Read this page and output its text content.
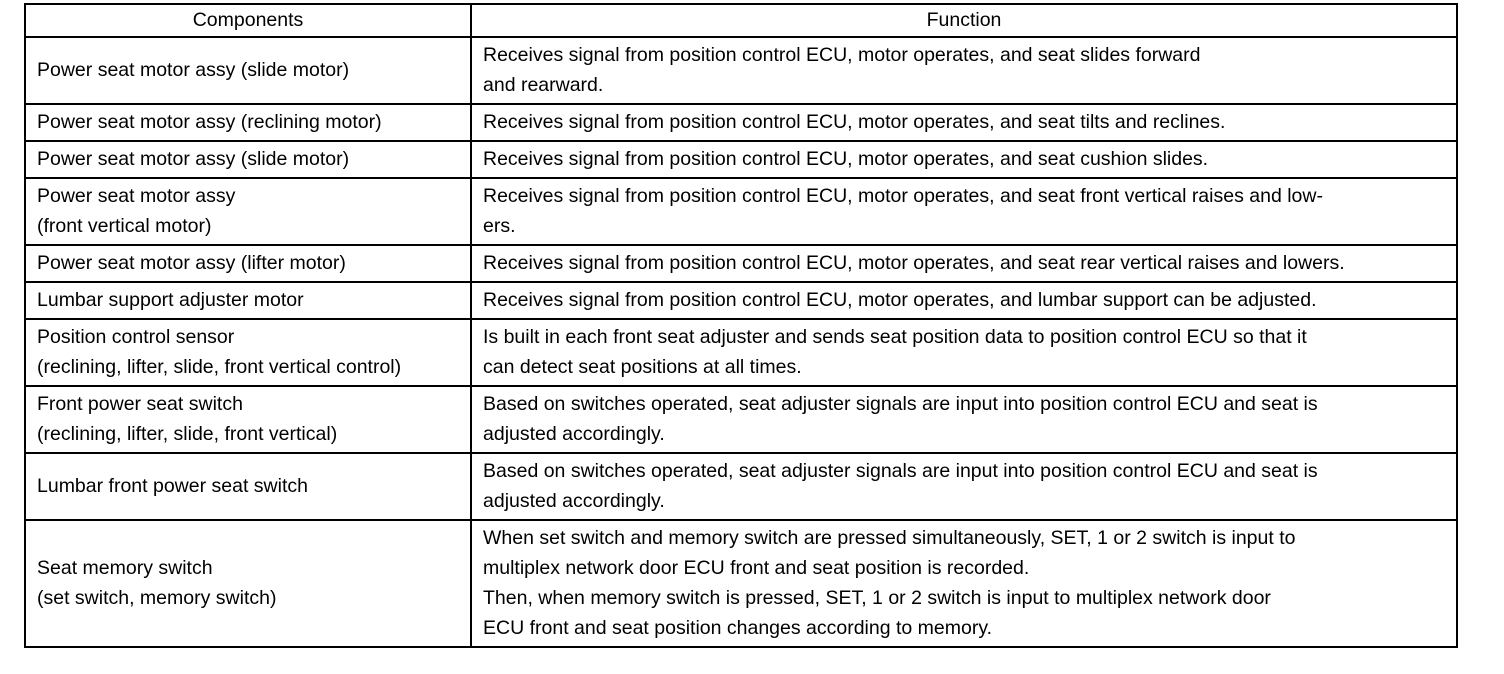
Components	Function

Power seat motor assy (slide motor)	Receives signal from position control ECU, motor operates, and seat slides forward
and rearward.

Power seat motor assy (reclining motor)	Receives signal from position control ECU, motor operates, and seat tilts and reclines.

Power seat motor assy (slide motor)	Receives signal from position control ECU, motor operates, and seat cushion slides.

Power seat motor assy
(front vertical motor)	Receives signal from position control ECU, motor operates, and seat front vertical raises and low-
ers.

Power seat motor assy (lifter motor)	Receives signal from position control ECU, motor operates, and seat rear vertical raises and lowers.

Lumbar support adjuster motor	Receives signal from position control ECU, motor operates, and lumbar support can be adjusted.

Position control sensor
(reclining, lifter, slide, front vertical control)	Is built in each front seat adjuster and sends seat position data to position control ECU so that it
can detect seat positions at all times.

Front power seat switch
(reclining, lifter, slide, front vertical)	Based on switches operated, seat adjuster signals are input into position control ECU and seat is
adjusted accordingly.

Lumbar front power seat switch	Based on switches operated, seat adjuster signals are input into position control ECU and seat is
adjusted accordingly.

Seat memory switch
(set switch, memory switch)	When set switch and memory switch are pressed simultaneously, SET, 1 or 2 switch is input to
multiplex network door ECU front and seat position is recorded.
Then, when memory switch is pressed, SET, 1 or 2 switch is input to multiplex network door
ECU front and seat position changes according to memory.
